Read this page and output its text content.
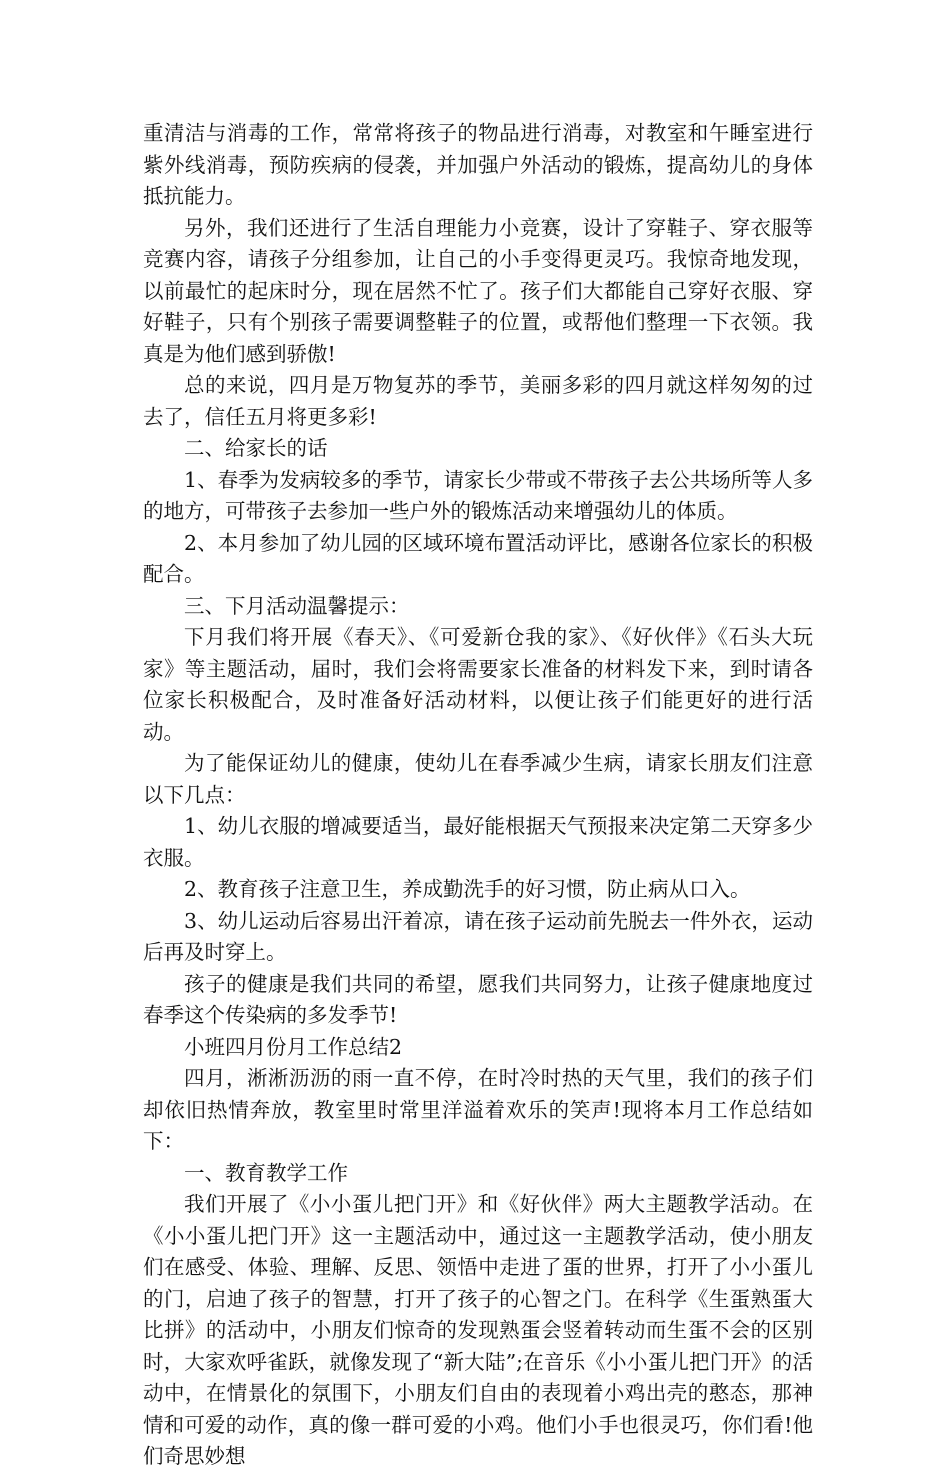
重清洁与消毒的工作，常常将孩子的物品进行消毒，对教室和午睡室进行紫外线消毒，预防疾病的侵袭，并加强户外活动的锻炼，提高幼儿的身体抵抗能力。

另外，我们还进行了生活自理能力小竞赛，设计了穿鞋子、穿衣服等竞赛内容，请孩子分组参加，让自己的小手变得更灵巧。我惊奇地发现，以前最忙的起床时分，现在居然不忙了。孩子们大都能自己穿好衣服、穿好鞋子，只有个别孩子需要调整鞋子的位置，或帮他们整理一下衣领。我真是为他们感到骄傲!

总的来说，四月是万物复苏的季节，美丽多彩的四月就这样匆匆的过去了，信任五月将更多彩!

二、给家长的话

1、春季为发病较多的季节，请家长少带或不带孩子去公共场所等人多的地方，可带孩子去参加一些户外的锻炼活动来增强幼儿的体质。

2、本月参加了幼儿园的区域环境布置活动评比，感谢各位家长的积极配合。

三、下月活动温馨提示：

下月我们将开展《春天》、《可爱新仓我的家》、《好伙伴》《石头大玩家》等主题活动，届时，我们会将需要家长准备的材料发下来，到时请各位家长积极配合，及时准备好活动材料，以便让孩子们能更好的进行活动。

为了能保证幼儿的健康，使幼儿在春季减少生病，请家长朋友们注意以下几点：

1、幼儿衣服的增减要适当，最好能根据天气预报来决定第二天穿多少衣服。

2、教育孩子注意卫生，养成勤洗手的好习惯，防止病从口入。

3、幼儿运动后容易出汗着凉，请在孩子运动前先脱去一件外衣，运动后再及时穿上。

孩子的健康是我们共同的希望，愿我们共同努力，让孩子健康地度过春季这个传染病的多发季节!

小班四月份月工作总结2

四月，淅淅沥沥的雨一直不停，在时冷时热的天气里，我们的孩子们却依旧热情奔放，教室里时常里洋溢着欢乐的笑声!现将本月工作总结如下：

一、教育教学工作

我们开展了《小小蛋儿把门开》和《好伙伴》两大主题教学活动。在《小小蛋儿把门开》这一主题活动中，通过这一主题教学活动，使小朋友们在感受、体验、理解、反思、领悟中走进了蛋的世界，打开了小小蛋儿的门，启迪了孩子的智慧，打开了孩子的心智之门。在科学《生蛋熟蛋大比拼》的活动中，小朋友们惊奇的发现熟蛋会竖着转动而生蛋不会的区别时，大家欢呼雀跃，就像发现了“新大陆”;在音乐《小小蛋儿把门开》的活动中，在情景化的氛围下，小朋友们自由的表现着小鸡出壳的憨态，那神情和可爱的动作，真的像一群可爱的小鸡。他们小手也很灵巧，你们看!他们奇思妙想
